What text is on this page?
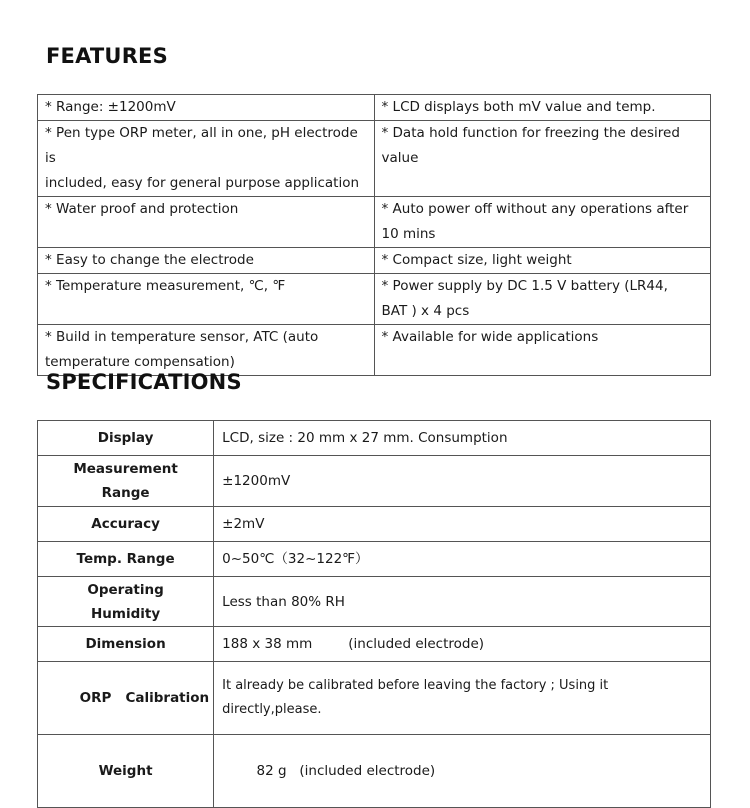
FEATURES
* Range: ±1200mV	* LCD displays both mV value and temp.
* Pen type ORP meter, all in one, pH electrode is
included, easy for general purpose application	* Data hold function for freezing the desired
value
* Water proof and protection	* Auto power off without any operations after
10 mins
* Easy to change the electrode	* Compact size, light weight
* Temperature measurement, ℃, ℉	* Power supply by DC 1.5 V battery (LR44,
BAT ) x 4 pcs
* Build in temperature sensor, ATC (auto
temperature compensation)	* Available for wide applications
SPECIFICATIONS
Display	LCD, size : 20 mm x 27 mm. Consumption
Measurement
Range	±1200mV
Accuracy	±2mV
Temp. Range	0~50℃（32~122℉）
Operating
Humidity	Less than 80% RH
Dimension	188 x 38 mm (included electrode)

ORP   Calibration	It already be calibrated before leaving the factory ; Using it directly,please.
Weight	82 g   (included electrode)
